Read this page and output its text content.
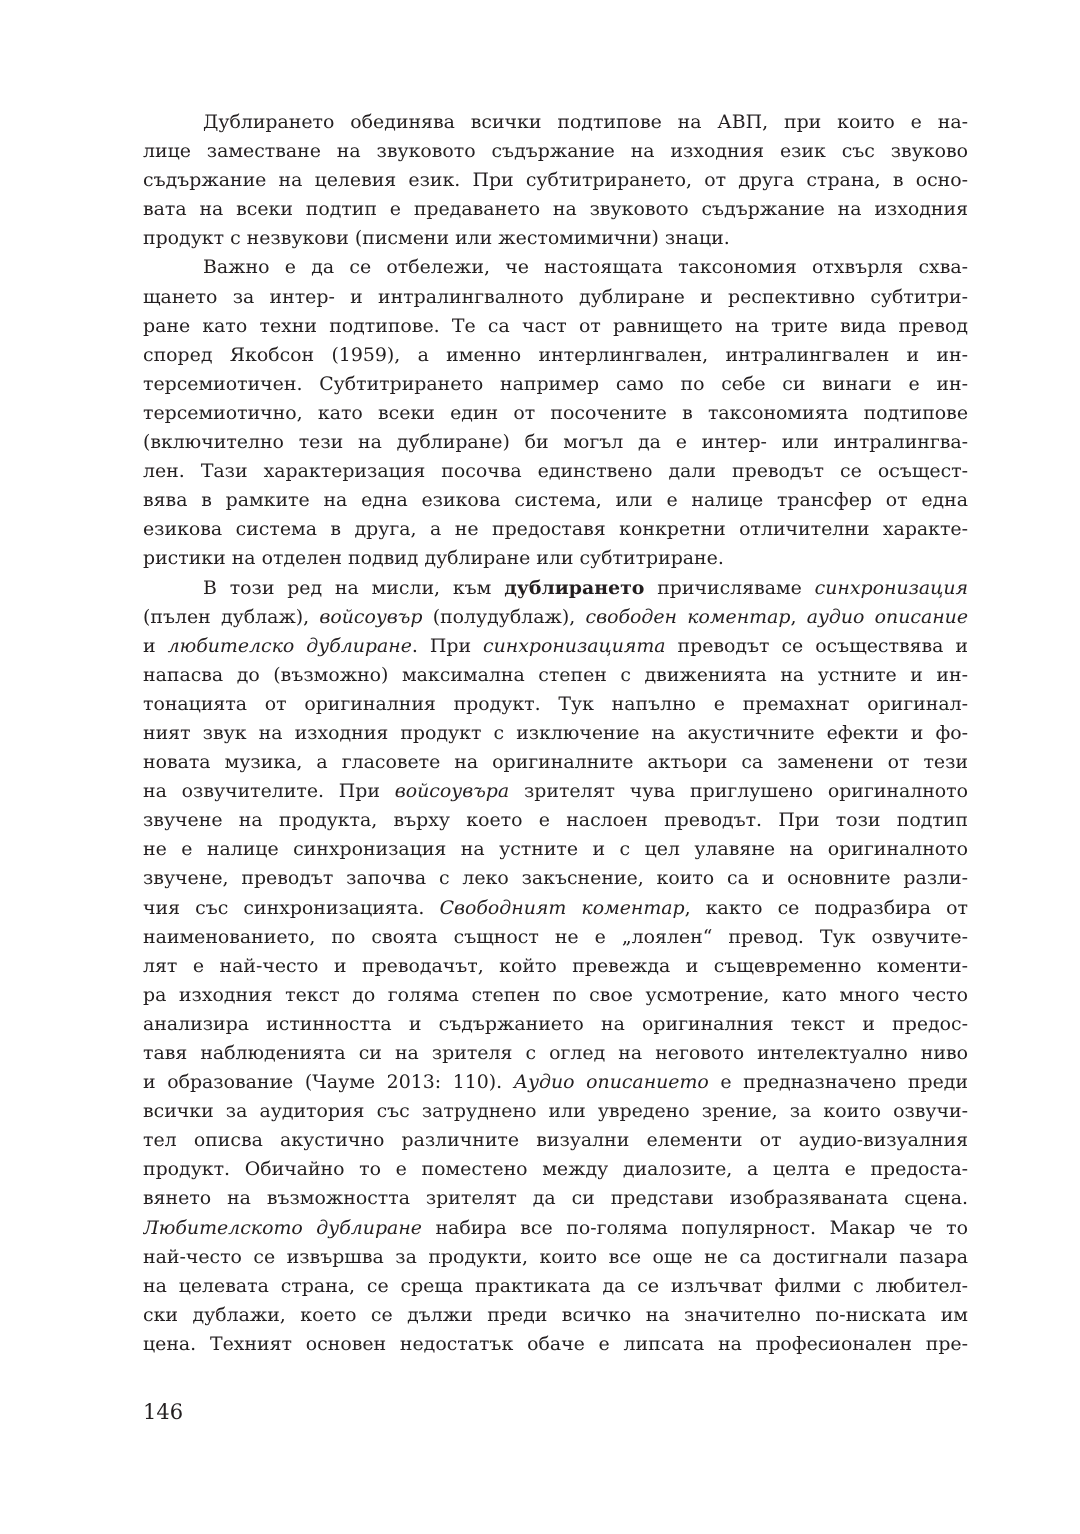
Дублирането обединява всички подтипове на АВП, при които е на-
лице заместване на звуковото съдържание на изходния език със звуково
съдържание на целевия език. При субтитрирането, от друга страна, в осно-
вата на всеки подтип е предаването на звуковото съдържание на изходния
продукт с незвукови (писмени или жестомимични) знаци.
Важно е да се отбележи, че настоящата таксономия отхвърля схва-
щането за интер- и интралингвалното дублиране и респективно субтитри-
ране като техни подтипове. Те са част от равнището на трите вида превод
според Якобсон (1959), а именно интерлингвален, интралингвален и ин-
терсемиотичен. Субтитрирането например само по себе си винаги е ин-
терсемиотично, като всеки един от посочените в таксономията подтипове
(включително тези на дублиране) би могъл да е интер- или интралингва-
лен. Тази характеризация посочва единствено дали преводът се осъщест-
вява в рамките на една езикова система, или е налице трансфер от една
езикова система в друга, а не предоставя конкретни отличителни характе-
ристики на отделен подвид дублиране или субтитриране.
В този ред на мисли, към дублирането причисляваме синхронизация
(пълен дублаж), войсоувър (полудублаж), свободен коментар, аудио описание
и любителско дублиране. При синхронизацията преводът се осъществява и
напасва до (възможно) максимална степен с движенията на устните и ин-
тонацията от оригиналния продукт. Тук напълно е премахнат оригинал-
ният звук на изходния продукт с изключение на акустичните ефекти и фо-
новата музика, а гласовете на оригиналните актьори са заменени от тези
на озвучителите. При войсоувъра зрителят чува приглушено оригиналното
звучене на продукта, върху което е наслоен преводът. При този подтип
не е налице синхронизация на устните и с цел улавяне на оригиналното
звучене, преводът започва с леко закъснение, които са и основните разли-
чия със синхронизацията. Свободният коментар, както се подразбира от
наименованието, по своята същност не е „лоялен“ превод. Тук озвучите-
лят е най-често и преводачът, който превежда и същевременно коменти-
ра изходния текст до голяма степен по свое усмотрение, като много често
анализира истинността и съдържанието на оригиналния текст и предос-
тавя наблюденията си на зрителя с оглед на неговото интелектуално ниво
и образование (Чауме 2013: 110). Аудио описанието е предназначено преди
всички за аудитория със затруднено или увредено зрение, за които озвучи-
тел описва акустично различните визуални елементи от аудио-визуалния
продукт. Обичайно то е поместено между диалозите, а целта е предоста-
вянето на възможността зрителят да си представи изобразяваната сцена.
Любителското дублиране набира все по-голяма популярност. Макар че то
най-често се извършва за продукти, които все още не са достигнали пазара
на целевата страна, се среща практиката да се излъчват филми с любител-
ски дублажи, което се дължи преди всичко на значително по-ниската им
цена. Техният основен недостатък обаче е липсата на професионален пре-
146
